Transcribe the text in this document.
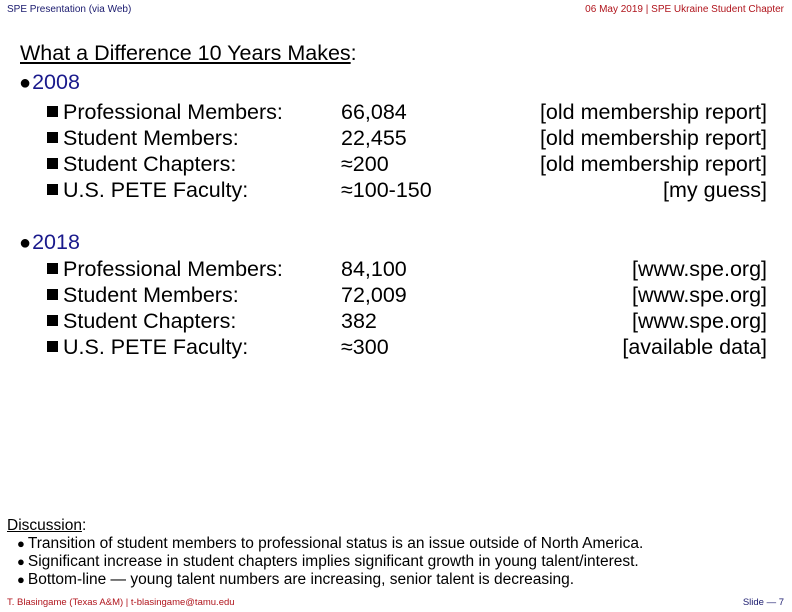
SPE Presentation (via Web)	06 May 2019 | SPE Ukraine Student Chapter
What a Difference 10 Years Makes:
●2008
Professional Members:	66,084	[old membership report]
Student Members:	22,455	[old membership report]
Student Chapters:	≈200	[old membership report]
U.S. PETE Faculty:	≈100-150	[my guess]
●2018
Professional Members:	84,100	[www.spe.org]
Student Members:	72,009	[www.spe.org]
Student Chapters:	382	[www.spe.org]
U.S. PETE Faculty:	≈300	[available data]
Discussion:
● Transition of student members to professional status is an issue outside of North America.
● Significant increase in student chapters implies significant growth in young talent/interest.
● Bottom-line — young talent numbers are increasing, senior talent is decreasing.
T. Blasingame (Texas A&M) | t-blasingame@tamu.edu	Slide — 7
